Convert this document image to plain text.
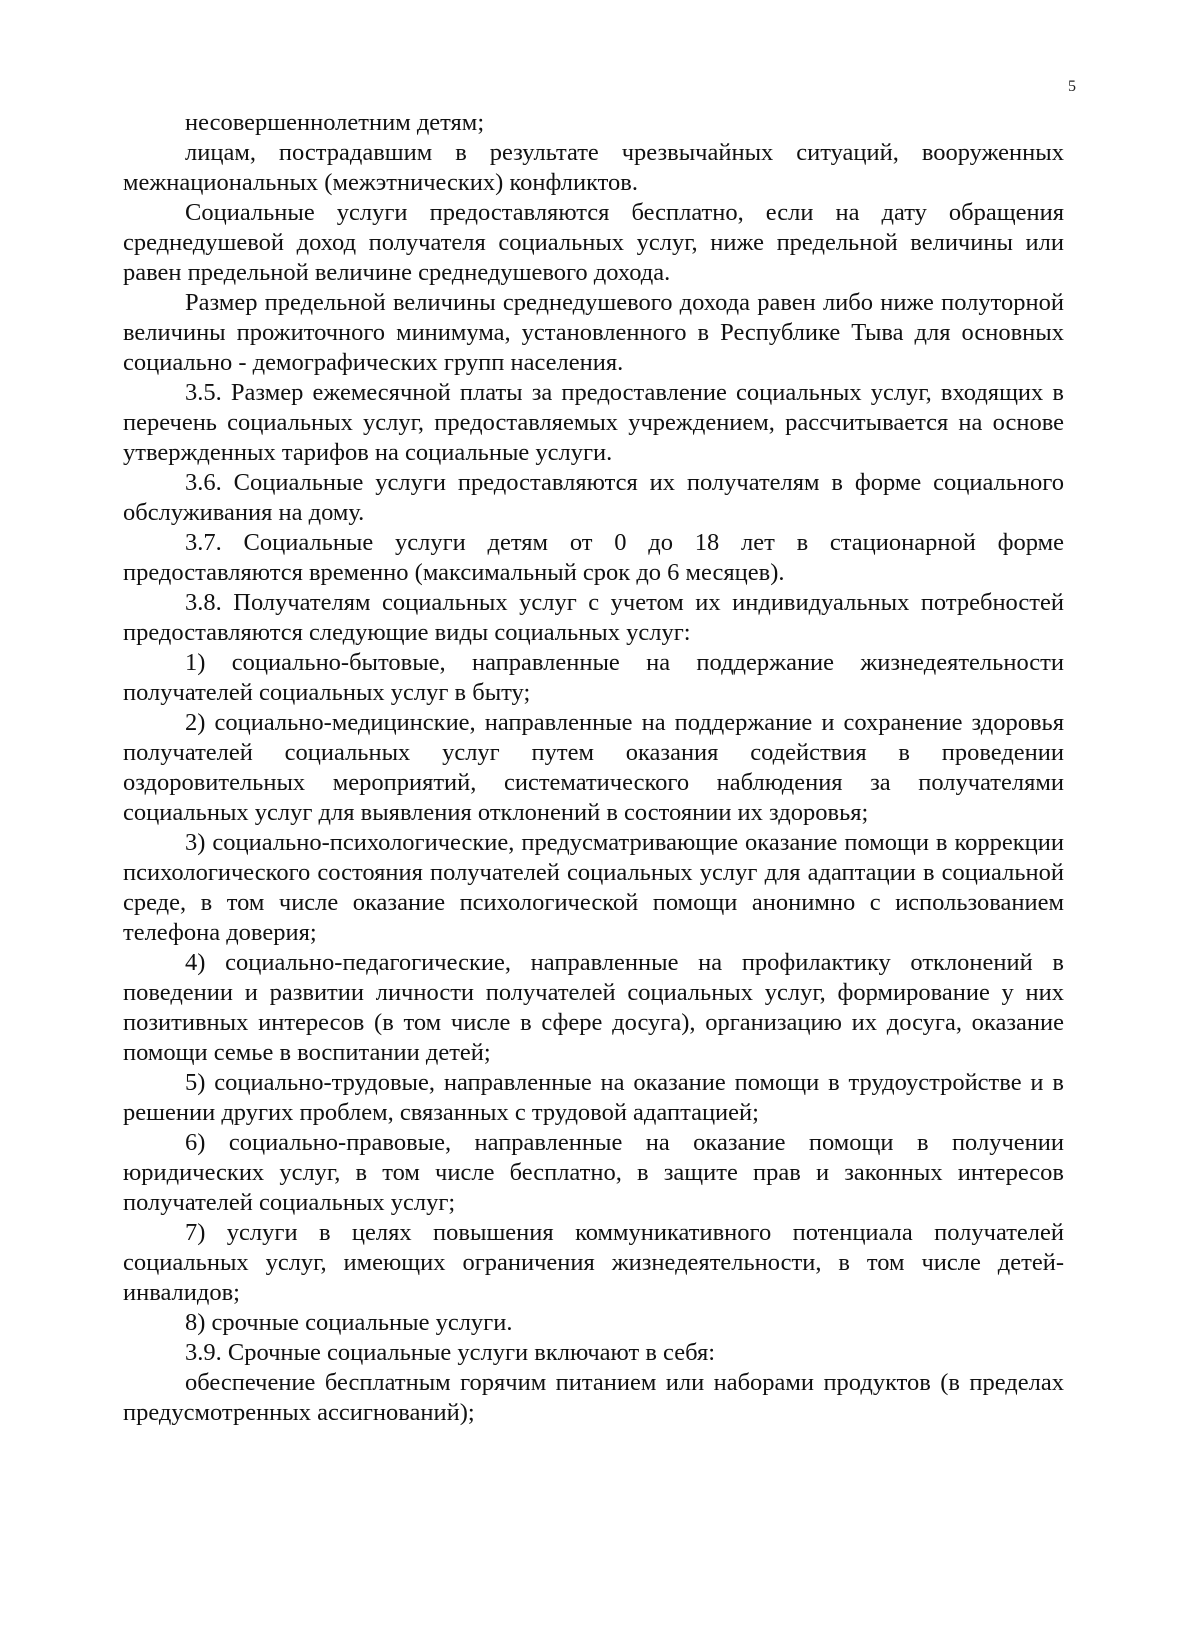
5

несовершеннолетним детям;

лицам, пострадавшим в результате чрезвычайных ситуаций, вооруженных межнациональных (межэтнических) конфликтов.

Социальные услуги предоставляются бесплатно, если на дату обращения среднедушевой доход получателя социальных услуг, ниже предельной величины или равен предельной величине среднедушевого дохода.

Размер предельной величины среднедушевого дохода равен либо ниже полуторной величины прожиточного минимума, установленного в Республике Тыва для основных социально - демографических групп населения.

3.5. Размер ежемесячной платы за предоставление социальных услуг, входящих в перечень социальных услуг, предоставляемых учреждением, рассчитывается на основе утвержденных тарифов на социальные услуги.

3.6. Социальные услуги предоставляются их получателям в форме социального обслуживания на дому.

3.7. Социальные услуги детям от 0 до 18 лет в стационарной форме предоставляются временно (максимальный срок до 6 месяцев).

3.8. Получателям социальных услуг с учетом их индивидуальных потребностей предоставляются следующие виды социальных услуг:

1) социально-бытовые, направленные на поддержание жизнедеятельности получателей социальных услуг в быту;

2) социально-медицинские, направленные на поддержание и сохранение здоровья получателей социальных услуг путем оказания содействия в проведении оздоровительных мероприятий, систематического наблюдения за получателями социальных услуг для выявления отклонений в состоянии их здоровья;

3) социально-психологические, предусматривающие оказание помощи в коррекции психологического состояния получателей социальных услуг для адаптации в социальной среде, в том числе оказание психологической помощи анонимно с использованием телефона доверия;

4) социально-педагогические, направленные на профилактику отклонений в поведении и развитии личности получателей социальных услуг, формирование у них позитивных интересов (в том числе в сфере досуга), организацию их досуга, оказание помощи семье в воспитании детей;

5) социально-трудовые, направленные на оказание помощи в трудоустройстве и в решении других проблем, связанных с трудовой адаптацией;

6) социально-правовые, направленные на оказание помощи в получении юридических услуг, в том числе бесплатно, в защите прав и законных интересов получателей социальных услуг;

7) услуги в целях повышения коммуникативного потенциала получателей социальных услуг, имеющих ограничения жизнедеятельности, в том числе детей-инвалидов;

8) срочные социальные услуги.

3.9. Срочные социальные услуги включают в себя:

обеспечение бесплатным горячим питанием или наборами продуктов (в пределах предусмотренных ассигнований);
